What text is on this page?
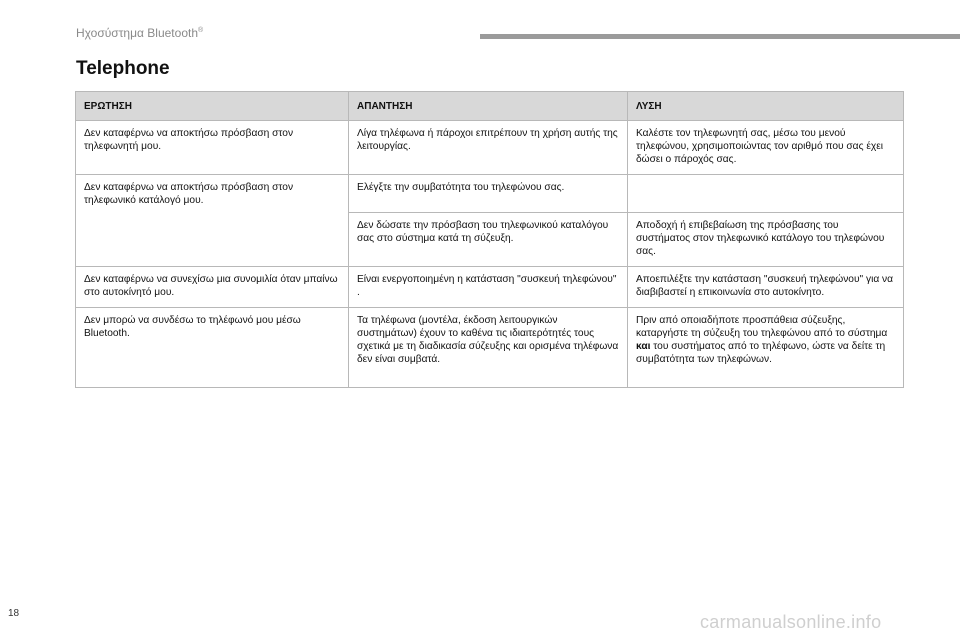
Ηχοσύστημα Bluetooth®
Telephone
ΕΡΩΤΗΣΗ	ΑΠΑΝΤΗΣΗ	ΛΥΣΗ
Δεν καταφέρνω να αποκτήσω πρόσβαση στον τηλεφωνητή μου.	Λίγα τηλέφωνα ή πάροχοι επιτρέπουν τη χρήση αυτής της λειτουργίας.	Καλέστε τον τηλεφωνητή σας, μέσω του μενού τηλεφώνου, χρησιμοποιώντας τον αριθμό που σας έχει δώσει ο πάροχός σας.
Δεν καταφέρνω να αποκτήσω πρόσβαση στον τηλεφωνικό κατάλογό μου.	Ελέγξτε την συμβατότητα του τηλεφώνου σας.	
	Δεν δώσατε την πρόσβαση του τηλεφωνικού καταλόγου σας στο σύστημα κατά τη σύζευξη.	Αποδοχή ή επιβεβαίωση της πρόσβασης του συστήματος στον τηλεφωνικό κατάλογο του τηλεφώνου σας.
Δεν καταφέρνω να συνεχίσω μια συνομιλία όταν μπαίνω στο αυτοκίνητό μου.	Είναι ενεργοποιημένη η κατάσταση "συσκευή τηλεφώνου" .	Αποεπιλέξτε την κατάσταση "συσκευή τηλεφώνου" για να διαβιβαστεί η επικοινωνία στο αυτοκίνητο.
Δεν μπορώ να συνδέσω το τηλέφωνό μου μέσω Bluetooth.	Τα τηλέφωνα (μοντέλα, έκδοση λειτουργικών συστημάτων) έχουν το καθένα τις ιδιαιτερότητές τους σχετικά με τη διαδικασία σύζευξης και ορισμένα τηλέφωνα δεν είναι συμβατά.	Πριν από οποιαδήποτε προσπάθεια σύζευξης, καταργήστε τη σύζευξη του τηλεφώνου από το σύστημα και του συστήματος από το τηλέφωνο, ώστε να δείτε τη συμβατότητα των τηλεφώνων.
18	carmanualsonline.info
